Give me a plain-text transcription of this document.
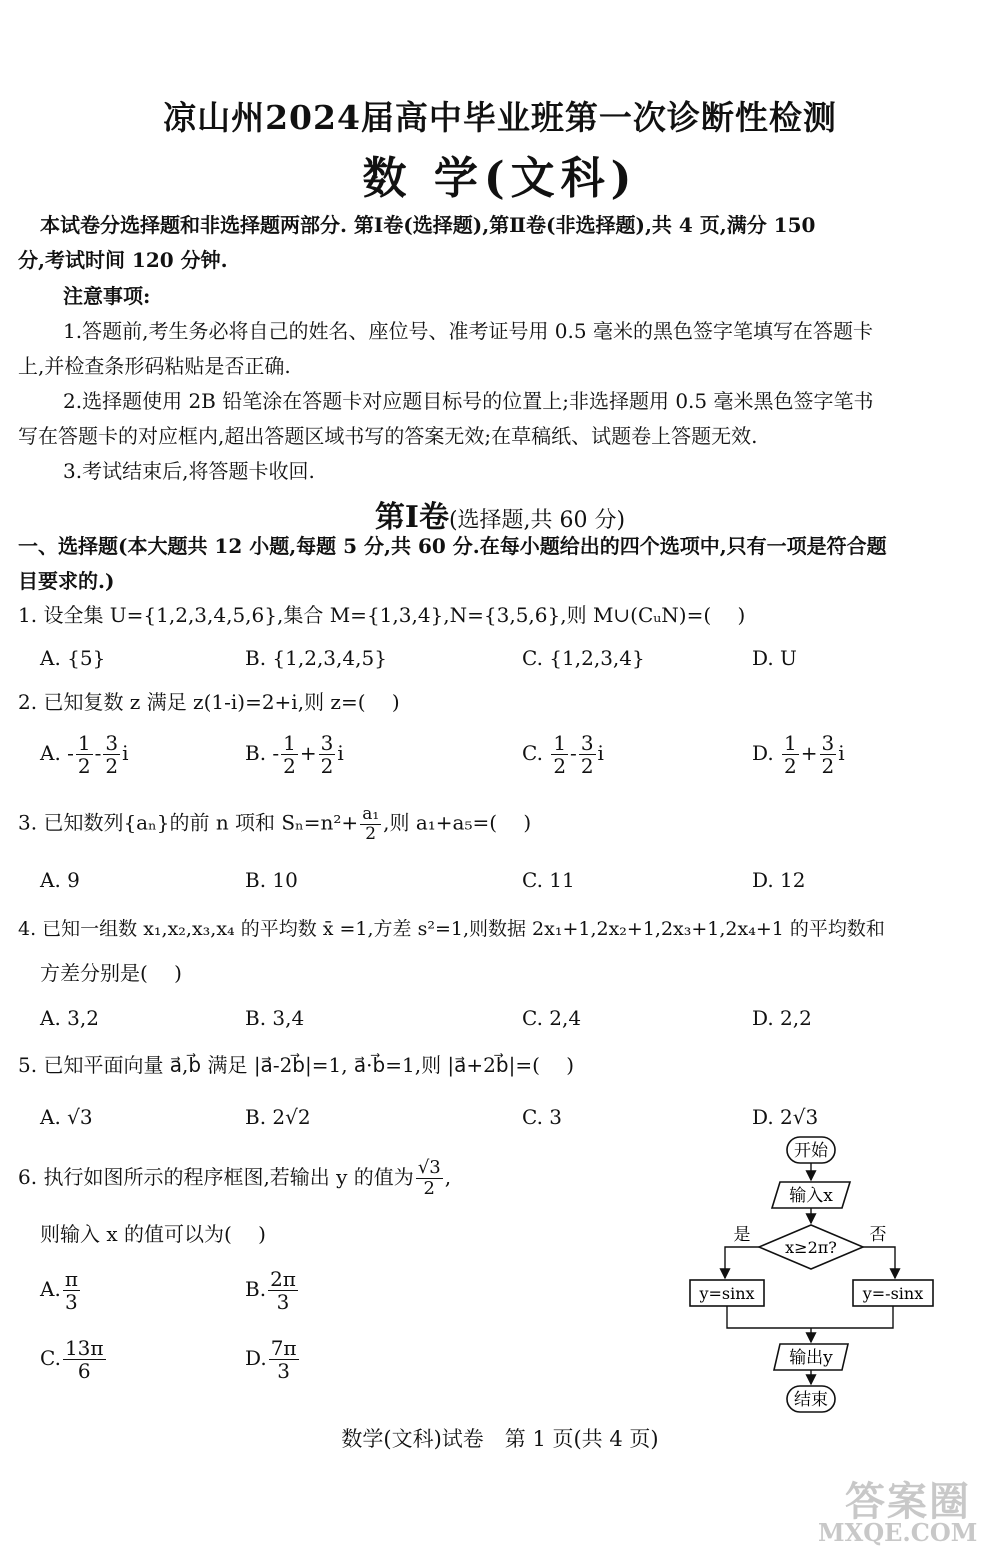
凉山州2024届高中毕业班第一次诊断性检测
数 学(文科)
本试卷分选择题和非选择题两部分. 第Ⅰ卷(选择题),第Ⅱ卷(非选择题),共 4 页,满分 150
分,考试时间 120 分钟.
注意事项:
1.答题前,考生务必将自己的姓名、座位号、准考证号用 0.5 毫米的黑色签字笔填写在答题卡
上,并检查条形码粘贴是否正确.
2.选择题使用 2B 铅笔涂在答题卡对应题目标号的位置上;非选择题用 0.5 毫米黑色签字笔书
写在答题卡的对应框内,超出答题区域书写的答案无效;在草稿纸、试题卷上答题无效.
3.考试结束后,将答题卡收回.
第Ⅰ卷(选择题,共 60 分)
一、选择题(本大题共 12 小题,每题 5 分,共 60 分.在每小题给出的四个选项中,只有一项是符合题
目要求的.)
1. 设全集 U={1,2,3,4,5,6},集合 M={1,3,4},N={3,5,6},则 M∪(CᵤN)=(　 )
A. {5}	B. {1,2,3,4,5}	C. {1,2,3,4}	D. U
2. 已知复数 z 满足 z(1-i)=2+i,则 z=(　 )
A. - $\frac{1}{2} - \frac{3}{2}$ i	B. - $\frac{1}{2} + \frac{3}{2}$ i	C. $\frac{1}{2} - \frac{3}{2}$ i	D. $\frac{1}{2} + \frac{3}{2}$ i
3. 已知数列{aₙ}的前 n 项和 $S_n=n^2+ \frac{\text{a₁}}{2}$ ,则 a₁+a₅=(　 )
A. 9	B. 10	C. 11	D. 12
4. 已知一组数 x₁,x₂,x₃,x₄ 的平均数 x̄ =1,方差 s²=1,则数据 2x₁+1,2x₂+1,2x₃+1,2x₄+1 的平均数和
方差分别是(　 )
A. 3,2	B. 3,4	C. 2,4	D. 2,2
5. 已知平面向量 a⃗,b⃗ 满足 |a⃗-2b⃗|=1, a⃗·b⃗=1,则 |a⃗+2b⃗|=(　 )
A. √3	B. 2√2	C. 3	D. 2√3
6. 执行如图所示的程序框图,若输出 y 的值为 $\frac{√3}{2}$ ,
则输入 x 的值可以为(　 )
A. $\frac{\pi}{3}$	B. $\frac{2\pi}{3}$
C. $\frac{13\pi}{6}$	D. $\frac{7\pi}{3}$
开始
输入x
x≥2π?
是	否
y=sinx	y=-sinx
输出y
结束
数学(文科)试卷　第 1 页(共 4 页)
答案圈
MXQE.COM
